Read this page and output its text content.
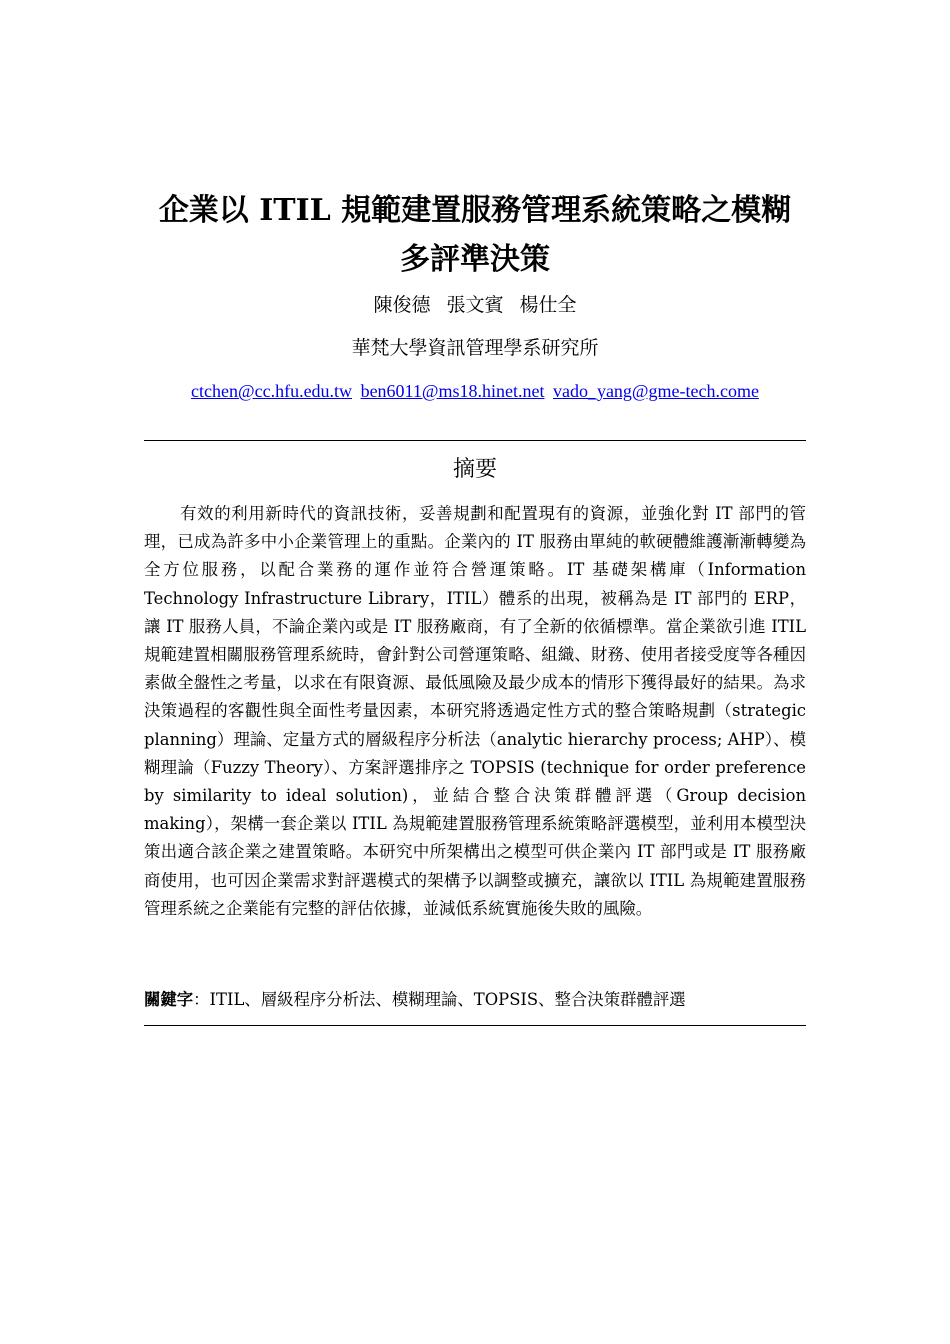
企業以 ITIL 規範建置服務管理系統策略之模糊多評準決策
陳俊德 張文賓 楊仕全
華梵大學資訊管理學系研究所
ctchen@cc.hfu.edu.tw ben6011@ms18.hinet.net vado_yang@gme-tech.come
摘要

有效的利用新時代的資訊技術，妥善規劃和配置現有的資源，並強化對 IT 部門的管理，已成為許多中小企業管理上的重點。企業內的 IT 服務由單純的軟硬體維護漸漸轉變為全方位服務，以配合業務的運作並符合營運策略。IT 基礎架構庫（Information Technology Infrastructure Library，ITIL）體系的出現，被稱為是 IT 部門的 ERP，讓 IT 服務人員，不論企業內或是 IT 服務廠商，有了全新的依循標準。當企業欲引進 ITIL 規範建置相關服務管理系統時，會針對公司營運策略、組織、財務、使用者接受度等各種因素做全盤性之考量，以求在有限資源、最低風險及最少成本的情形下獲得最好的結果。為求決策過程的客觀性與全面性考量因素，本研究將透過定性方式的整合策略規劃（strategic planning）理論、定量方式的層級程序分析法（analytic hierarchy process; AHP）、模糊理論（Fuzzy Theory）、方案評選排序之 TOPSIS (technique for order preference by similarity to ideal solution)，並結合整合決策群體評選（Group decision making），架構一套企業以 ITIL 為規範建置服務管理系統策略評選模型，並利用本模型決策出適合該企業之建置策略。本研究中所架構出之模型可供企業內 IT 部門或是 IT 服務廠商使用，也可因企業需求對評選模式的架構予以調整或擴充，讓欲以 ITIL 為規範建置服務管理系統之企業能有完整的評估依據，並減低系統實施後失敗的風險。

關鍵字：ITIL、層級程序分析法、模糊理論、TOPSIS、整合決策群體評選
